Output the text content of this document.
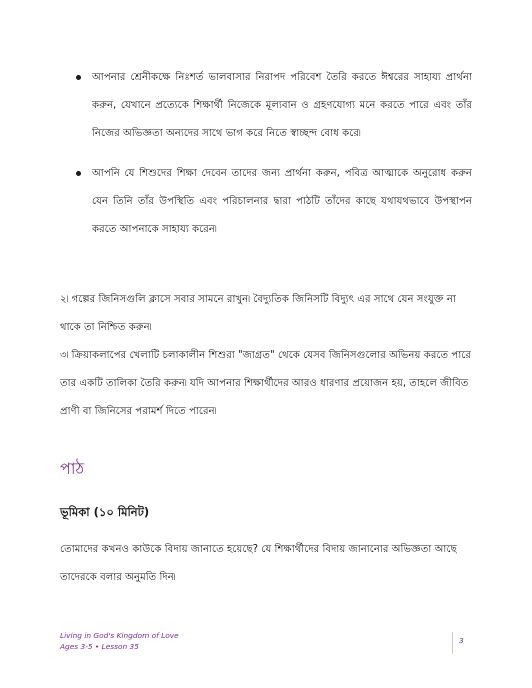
আপনার শ্রেনীকক্ষে নিঃশর্ত ভালবাসার নিরাপদ পরিবেশ তৈরি করতে ঈশ্বরের সাহায্য প্রার্থনা করুন, যেখানে প্রত্যেকে শিক্ষার্থী নিজেকে মূল্যবান ও গ্রহণযোগ্য মনে করতে পারে এবং তাঁর নিজের অভিজ্ঞতা অন্যদের সাথে ভাগ করে নিতে স্বাচ্ছন্দ বোধ করে৷
আপনি যে শিশুদের শিক্ষা দেবেন তাদের জন্য প্রার্থনা করুন, পবিত্র আত্মাকে অনুরোধ করুন যেন তিনি তাঁর উপস্থিতি এবং পরিচালনার দ্বারা পাঠটি তাঁদের কাছে যথাযথভাবে উপস্থাপন করতে আপনাকে সাহায্য করেন৷

২৷ গল্পের জিনিসগুলি ক্লাসে সবার সামনে রাখুন৷ বৈদ্যুতিক জিনিসটি বিদ্যুৎ এর সাথে যেন সংযুক্ত না থাকে তা নিশ্চিত করুন৷

৩৷ ক্রিয়াকলাপের খেলাটি চলাকালীন শিশুরা "জাগ্রত" থেকে যেসব জিনিসগুলোর অভিনয় করতে পারে তার একটি তালিকা তৈরি করুন৷ যদি আপনার শিক্ষার্থীদের আরও ধারণার প্রয়োজন হয়, তাহলে জীবিত প্রাণী বা জিনিসের পরামর্শ দিতে পারেন৷

পাঠ
ভূমিকা (১০ মিনিট)

তোমাদের কখনও কাউকে বিদায় জানাতে হয়েছে? যে শিক্ষার্থীদের বিদায় জানানোর অভিজ্ঞতা আছে তাদেরকে বলার অনুমতি দিন৷

Living in God's Kingdom of Love
Ages 3-5 • Lesson 35
3
